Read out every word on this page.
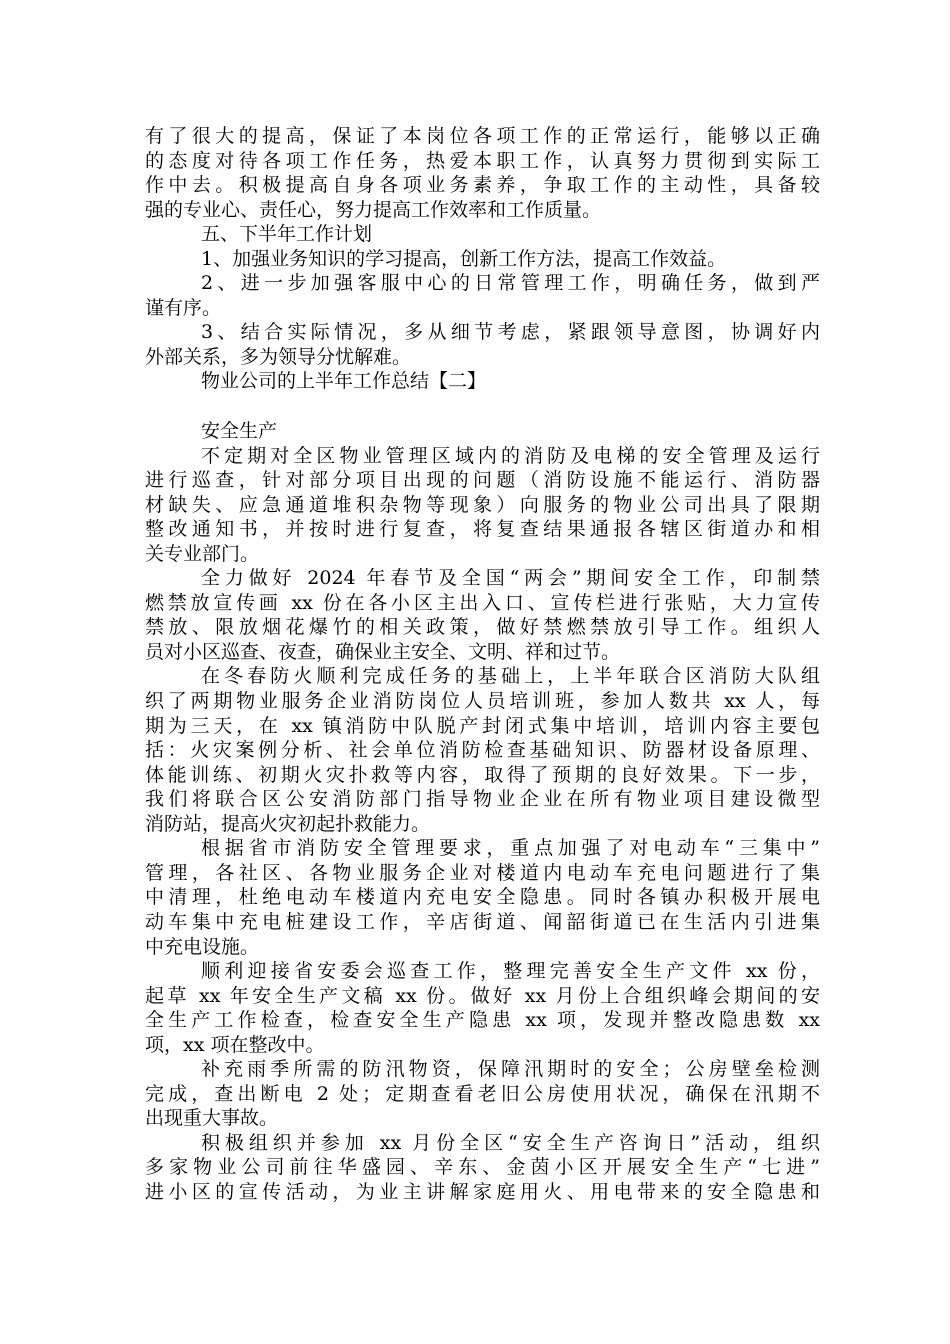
有了很大的提高，保证了本岗位各项工作的正常运行，能够以正确
的态度对待各项工作任务，热爱本职工作，认真努力贯彻到实际工
作中去。积极提高自身各项业务素养，争取工作的主动性，具备较
强的专业心、责任心，努力提高工作效率和工作质量。
五、下半年工作计划
1、加强业务知识的学习提高，创新工作方法，提高工作效益。
2、进一步加强客服中心的日常管理工作，明确任务，做到严
谨有序。
3、结合实际情况，多从细节考虑，紧跟领导意图，协调好内
外部关系，多为领导分忧解难。
物业公司的上半年工作总结【二】
安全生产
不定期对全区物业管理区域内的消防及电梯的安全管理及运行
进行巡查，针对部分项目出现的问题（消防设施不能运行、消防器
材缺失、应急通道堆积杂物等现象）向服务的物业公司出具了限期
整改通知书，并按时进行复查，将复查结果通报各辖区街道办和相
关专业部门。
全力做好 2024 年春节及全国“两会”期间安全工作，印制禁
燃禁放宣传画 xx 份在各小区主出入口、宣传栏进行张贴，大力宣传
禁放、限放烟花爆竹的相关政策，做好禁燃禁放引导工作。组织人
员对小区巡查、夜查，确保业主安全、文明、祥和过节。
在冬春防火顺利完成任务的基础上，上半年联合区消防大队组
织了两期物业服务企业消防岗位人员培训班，参加人数共 xx 人，每
期为三天，在 xx 镇消防中队脱产封闭式集中培训，培训内容主要包
括：火灾案例分析、社会单位消防检查基础知识、防器材设备原理、
体能训练、初期火灾扑救等内容，取得了预期的良好效果。下一步，
我们将联合区公安消防部门指导物业企业在所有物业项目建设微型
消防站，提高火灾初起扑救能力。
根据省市消防安全管理要求，重点加强了对电动车“三集中”
管理，各社区、各物业服务企业对楼道内电动车充电问题进行了集
中清理，杜绝电动车楼道内充电安全隐患。同时各镇办积极开展电
动车集中充电桩建设工作，辛店街道、闻韶街道已在生活内引进集
中充电设施。
顺利迎接省安委会巡查工作，整理完善安全生产文件 xx 份，
起草 xx 年安全生产文稿 xx 份。做好 xx 月份上合组织峰会期间的安
全生产工作检查，检查安全生产隐患 xx 项，发现并整改隐患数 xx
项，xx 项在整改中。
补充雨季所需的防汛物资，保障汛期时的安全；公房壁垒检测
完成，查出断电 2 处；定期查看老旧公房使用状况，确保在汛期不
出现重大事故。
积极组织并参加 xx 月份全区“安全生产咨询日”活动，组织
多家物业公司前往华盛园、辛东、金茵小区开展安全生产“七进”
进小区的宣传活动，为业主讲解家庭用火、用电带来的安全隐患和
